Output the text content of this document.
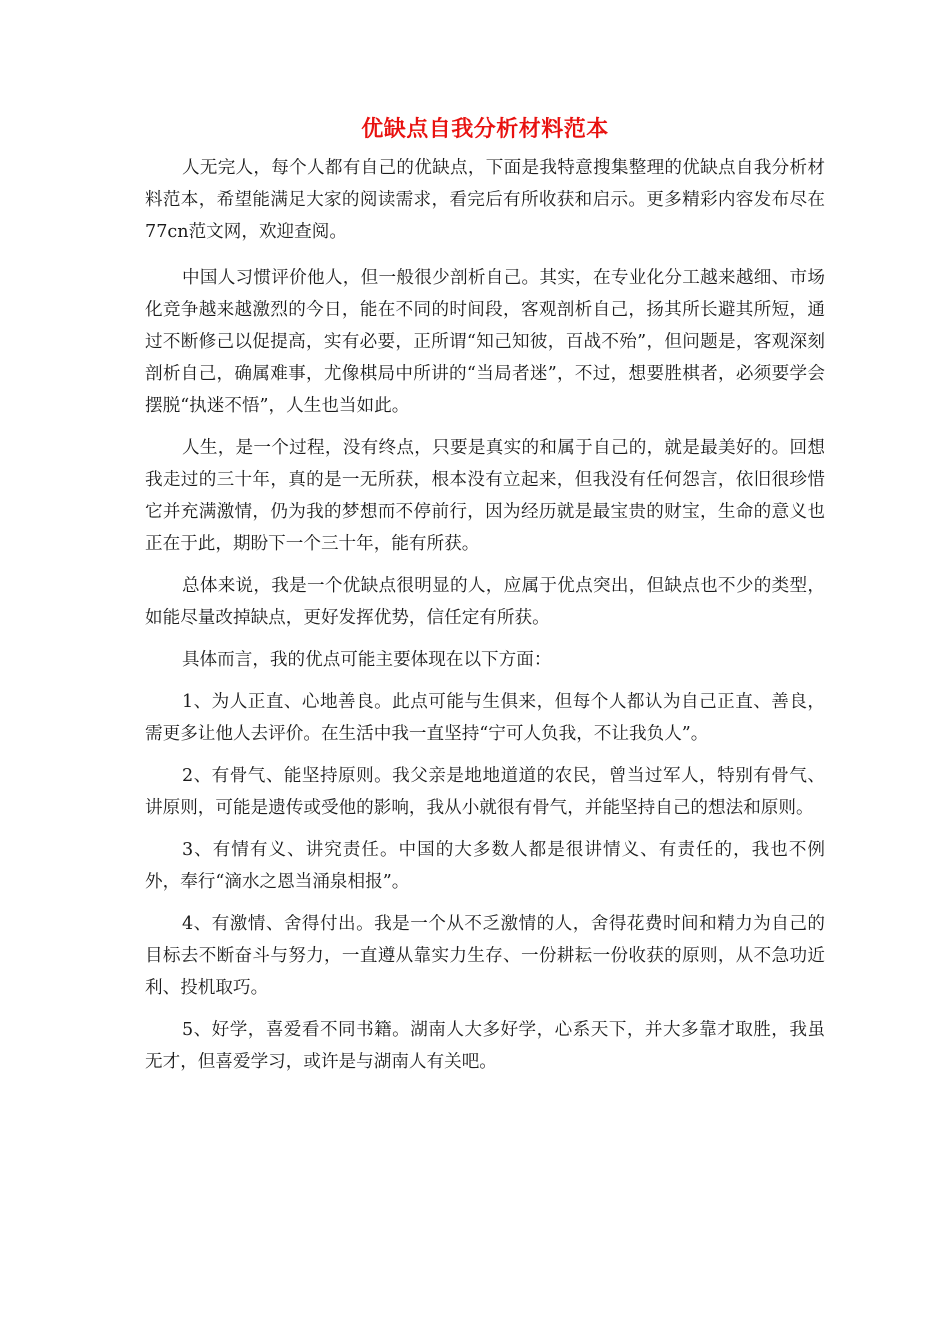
优缺点自我分析材料范本

人无完人，每个人都有自己的优缺点，下面是我特意搜集整理的优缺点自我分析材料范本，希望能满足大家的阅读需求，看完后有所收获和启示。更多精彩内容发布尽在77cn范文网，欢迎查阅。

中国人习惯评价他人，但一般很少剖析自己。其实，在专业化分工越来越细、市场化竞争越来越激烈的今日，能在不同的时间段，客观剖析自己，扬其所长避其所短，通过不断修己以促提高，实有必要，正所谓“知己知彼，百战不殆”，但问题是，客观深刻剖析自己，确属难事，尤像棋局中所讲的“当局者迷”，不过，想要胜棋者，必须要学会摆脱“执迷不悟”，人生也当如此。

人生，是一个过程，没有终点，只要是真实的和属于自己的，就是最美好的。回想我走过的三十年，真的是一无所获，根本没有立起来，但我没有任何怨言，依旧很珍惜它并充满激情，仍为我的梦想而不停前行，因为经历就是最宝贵的财宝，生命的意义也正在于此，期盼下一个三十年，能有所获。

总体来说，我是一个优缺点很明显的人，应属于优点突出，但缺点也不少的类型，如能尽量改掉缺点，更好发挥优势，信任定有所获。

具体而言，我的优点可能主要体现在以下方面：

1、为人正直、心地善良。此点可能与生俱来，但每个人都认为自己正直、善良，需更多让他人去评价。在生活中我一直坚持“宁可人负我，不让我负人”。

2、有骨气、能坚持原则。我父亲是地地道道的农民，曾当过军人，特别有骨气、讲原则，可能是遗传或受他的影响，我从小就很有骨气，并能坚持自己的想法和原则。

3、有情有义、讲究责任。中国的大多数人都是很讲情义、有责任的，我也不例外，奉行“滴水之恩当涌泉相报”。

4、有激情、舍得付出。我是一个从不乏激情的人，舍得花费时间和精力为自己的目标去不断奋斗与努力，一直遵从靠实力生存、一份耕耘一份收获的原则，从不急功近利、投机取巧。

5、好学，喜爱看不同书籍。湖南人大多好学，心系天下，并大多靠才取胜，我虽无才，但喜爱学习，或许是与湖南人有关吧。
